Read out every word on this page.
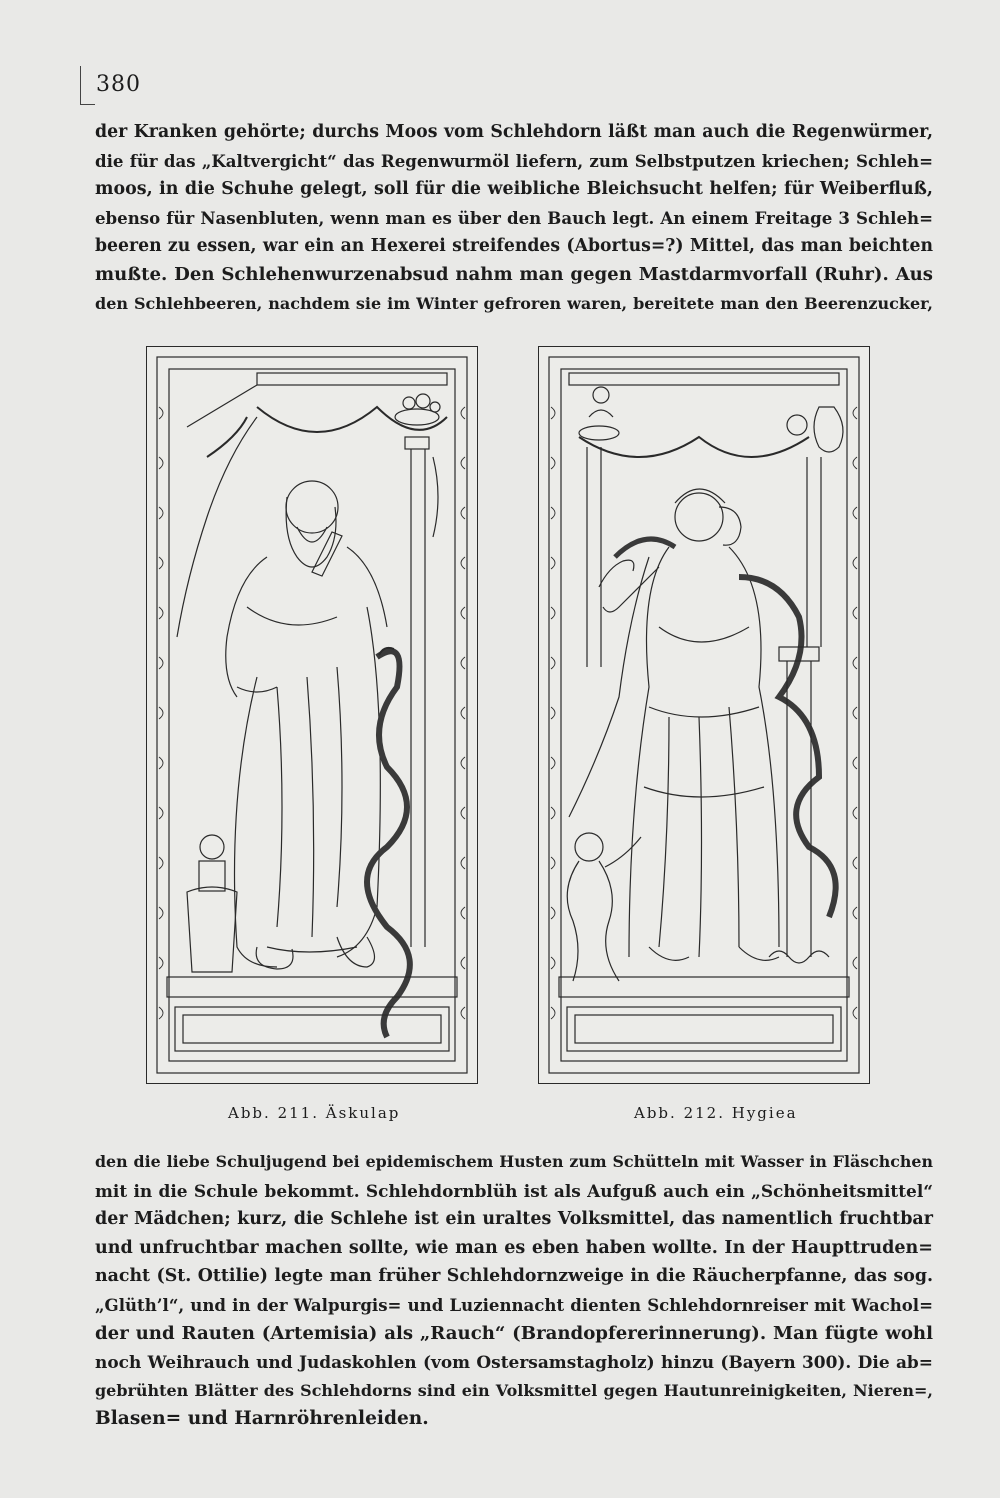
380
der Kranken gehörte; durchs Moos vom Schlehdorn läßt man auch die Regenwürmer,
die für das „Kaltvergicht“ das Regenwurmöl liefern, zum Selbstputzen kriechen; Schleh=
moos, in die Schuhe gelegt, soll für die weibliche Bleichsucht helfen; für Weiberfluß,
ebenso für Nasenbluten, wenn man es über den Bauch legt. An einem Freitage 3 Schleh=
beeren zu essen, war ein an Hexerei streifendes (Abortus=?) Mittel, das man beichten
mußte. Den Schlehenwurzenabsud nahm man gegen Mastdarmvorfall (Ruhr). Aus
den Schlehbeeren, nachdem sie im Winter gefroren waren, bereitete man den Beerenzucker,
Abb. 211. Äskulap	Abb. 212. Hygiea
den die liebe Schuljugend bei epidemischem Husten zum Schütteln mit Wasser in Fläschchen
mit in die Schule bekommt. Schlehdornblüh ist als Aufguß auch ein „Schönheitsmittel“
der Mädchen; kurz, die Schlehe ist ein uraltes Volksmittel, das namentlich fruchtbar
und unfruchtbar machen sollte, wie man es eben haben wollte. In der Haupttruden=
nacht (St. Ottilie) legte man früher Schlehdornzweige in die Räucherpfanne, das sog.
„Glüth’l“, und in der Walpurgis= und Luziennacht dienten Schlehdornreiser mit Wachol=
der und Rauten (Artemisia) als „Rauch“ (Brandopfererinnerung). Man fügte wohl
noch Weihrauch und Judaskohlen (vom Ostersamstagholz) hinzu (Bayern 300). Die ab=
gebrühten Blätter des Schlehdorns sind ein Volksmittel gegen Hautunreinigkeiten, Nieren=,
Blasen= und Harnröhrenleiden.
